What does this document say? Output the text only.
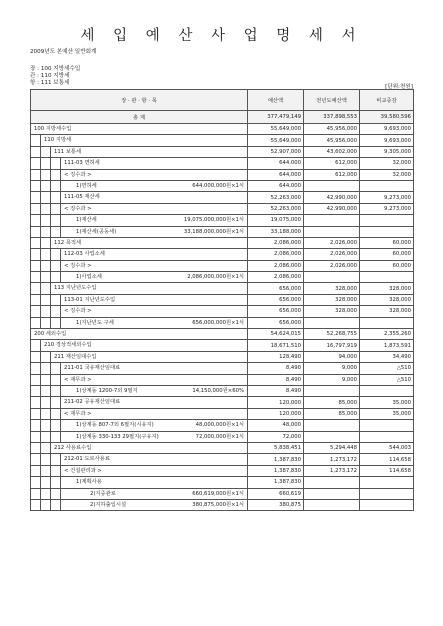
세 입 예 산 사 업 명 세 서
2009년도 본예산 일반회계
장 : 100 지방세수입
관 : 110 지방세
항 : 111 보통세
[단위:천원]
장 · 관 · 항 · 목	예산액	전년도예산액	비교증감
총 계	377,479,149	337,898,553	39,580,596

100 지방세수입	55,649,000	45,956,000	9,693,000

110 지방세	55,649,000	45,956,000	9,693,000

111 보통세	52,907,000	43,602,000	9,305,000

111-03 면허세	644,000	612,000	32,000

< 징수과 >	644,000	612,000	32,000

1)면허세 644,000,000원×1식	644,000		

111-05 재산세	52,263,000	42,990,000	9,273,000

< 징수과 >	52,263,000	42,990,000	9,273,000

1)재산세 19,075,000,000원×1식	19,075,000		

1)재산세(공동세) 33,188,000,000원×1식	33,188,000		

112 목적세	2,086,000	2,026,000	60,000

112-03 사업소세	2,086,000	2,026,000	60,000

< 징수과 >	2,086,000	2,026,000	60,000

1)사업소세 2,086,000,000원×1식	2,086,000		

113 지난년도수입	656,000	328,000	328,000

113-01 지난년도수입	656,000	328,000	328,000

< 징수과 >	656,000	328,000	328,000

1)지난년도 구세 656,000,000원×1식	656,000		

200 세외수입	54,624,015	52,268,755	2,355,260

210 경상적세외수입	18,671,510	16,797,919	1,873,591

211 재산임대수입	128,490	94,000	34,490

211-01 국유재산임대료	8,490	9,000	△510

< 재무과 >	8,490	9,000	△510

1)상계동 1200-7외 9필지 14,150,000원×60%	8,490		

211-02 공유재산임대료	120,000	85,000	35,000

< 재무과 >	120,000	85,000	35,000

1)상계동 807-7외 6필지(시유지) 48,000,000원×1식	48,000		

1)상계동 330-133 29필지(구유지) 72,000,000원×1식	72,000		

212 사용료수입	5,838,451	5,294,448	544,003

212-01 도로사용료	1,387,830	1,273,172	114,658

< 건설관리과 >	1,387,830	1,273,172	114,658

1)계획사용	1,387,830		

2)지중관로 660,619,000원×1식	660,619		

2)지하출입시설 380,875,000원×1식	380,875		
